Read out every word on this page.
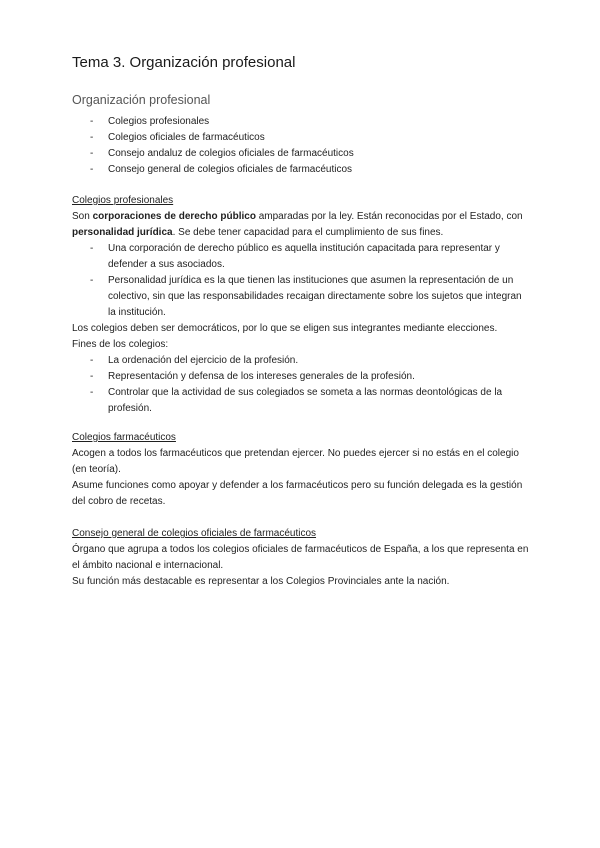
Tema 3. Organización profesional
Organización profesional
- Colegios profesionales
- Colegios oficiales de farmacéuticos
- Consejo andaluz de colegios oficiales de farmacéuticos
- Consejo general de colegios oficiales de farmacéuticos

Colegios profesionales

Son corporaciones de derecho público amparadas por la ley. Están reconocidas por el Estado, con personalidad jurídica. Se debe tener capacidad para el cumplimiento de sus fines.

- Una corporación de derecho público es aquella institución capacitada para representar y defender a sus asociados.
- Personalidad jurídica es la que tienen las instituciones que asumen la representación de un colectivo, sin que las responsabilidades recaigan directamente sobre los sujetos que integran la institución.

Los colegios deben ser democráticos, por lo que se eligen sus integrantes mediante elecciones.

Fines de los colegios:

- La ordenación del ejercicio de la profesión.
- Representación y defensa de los intereses generales de la profesión.
- Controlar que la actividad de sus colegiados se someta a las normas deontológicas de la profesión.

Colegios farmacéuticos

Acogen a todos los farmacéuticos que pretendan ejercer. No puedes ejercer si no estás en el colegio (en teoría).

Asume funciones como apoyar y defender a los farmacéuticos pero su función delegada es la gestión del cobro de recetas.

Consejo general de colegios oficiales de farmacéuticos

Órgano que agrupa a todos los colegios oficiales de farmacéuticos de España, a los que representa en el ámbito nacional e internacional.

Su función más destacable es representar a los Colegios Provinciales ante la nación.
